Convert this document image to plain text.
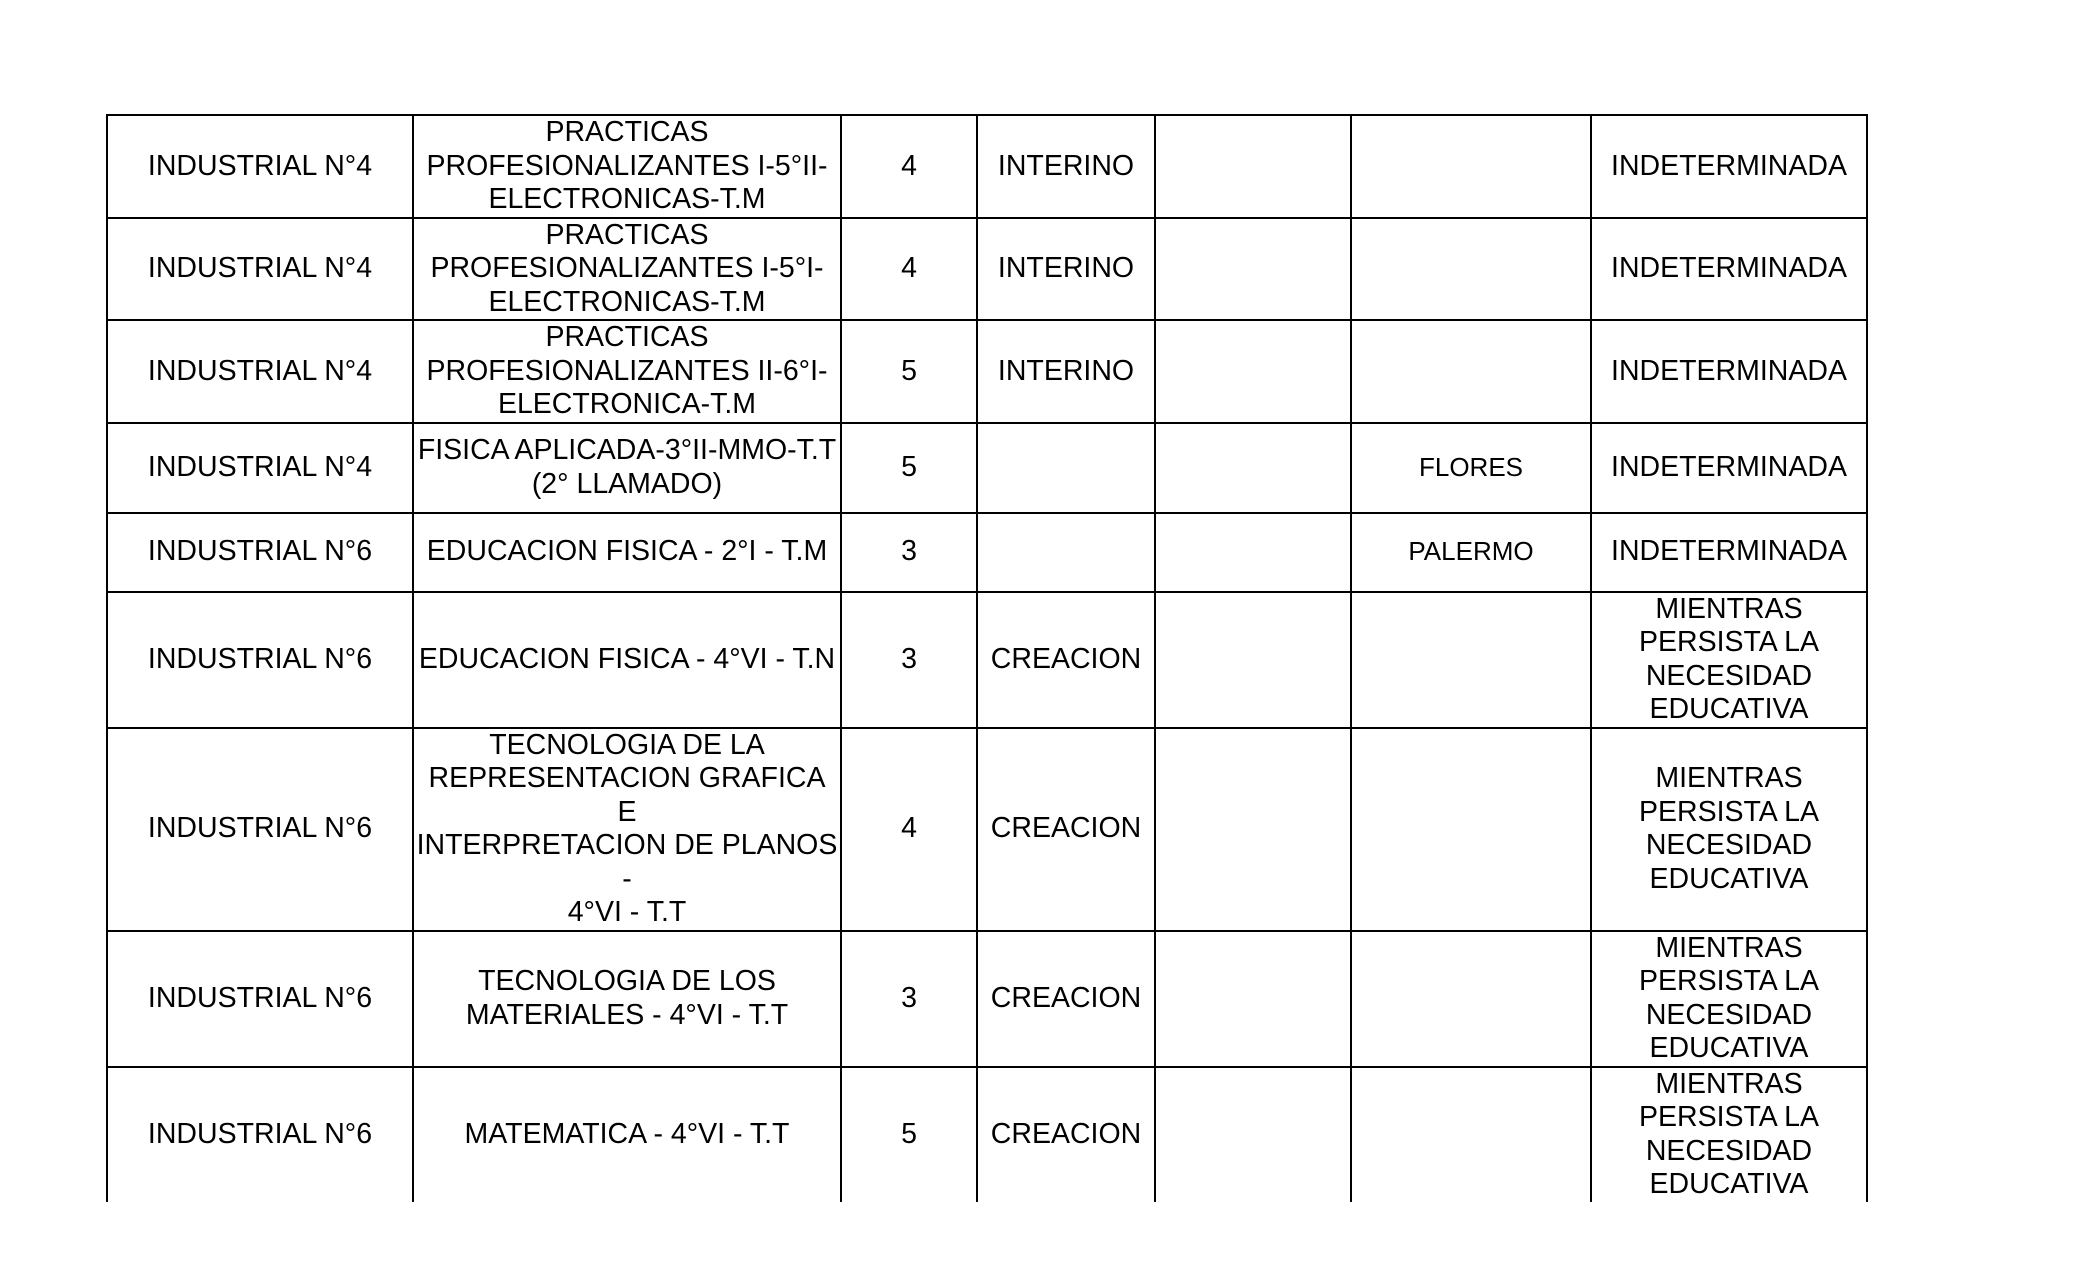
INDUSTRIAL N°4	PRACTICAS
PROFESIONALIZANTES I-5°II-
ELECTRONICAS-T.M	4	INTERINO			INDETERMINADA
INDUSTRIAL N°4	PRACTICAS
PROFESIONALIZANTES I-5°I-
ELECTRONICAS-T.M	4	INTERINO			INDETERMINADA
INDUSTRIAL N°4	PRACTICAS
PROFESIONALIZANTES II-6°I-
ELECTRONICA-T.M	5	INTERINO			INDETERMINADA
INDUSTRIAL N°4	FISICA APLICADA-3°II-MMO-T.T
(2° LLAMADO)	5			FLORES	INDETERMINADA
INDUSTRIAL N°6	EDUCACION FISICA - 2°I - T.M	3			PALERMO	INDETERMINADA
INDUSTRIAL N°6	EDUCACION FISICA - 4°VI - T.N	3	CREACION			MIENTRAS
PERSISTA LA
NECESIDAD
EDUCATIVA
INDUSTRIAL N°6	TECNOLOGIA DE LA
REPRESENTACION GRAFICA E
INTERPRETACION DE PLANOS -
4°VI - T.T	4	CREACION			MIENTRAS
PERSISTA LA
NECESIDAD
EDUCATIVA
INDUSTRIAL N°6	TECNOLOGIA DE LOS
MATERIALES - 4°VI - T.T	3	CREACION			MIENTRAS
PERSISTA LA
NECESIDAD
EDUCATIVA
INDUSTRIAL N°6	MATEMATICA - 4°VI - T.T	5	CREACION			MIENTRAS
PERSISTA LA
NECESIDAD
EDUCATIVA
